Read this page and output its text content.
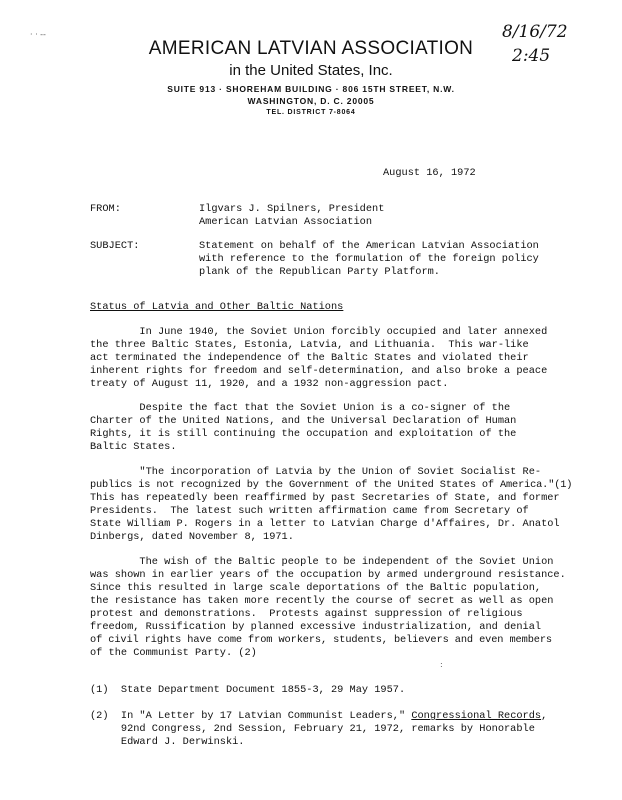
· · -‐	8/16/72
2:45
AMERICAN LATVIAN ASSOCIATION
in the United States, Inc.
SUITE 913 · SHOREHAM BUILDING · 806 15TH STREET, N.W.
WASHINGTON, D. C. 20005
TEL. DISTRICT 7-8064
August 16, 1972
FROM:	Ilgvars J. Spilners, President
American Latvian Association
SUBJECT:	Statement on behalf of the American Latvian Association
with reference to the formulation of the foreign policy
plank of the Republican Party Platform.
Status of Latvia and Other Baltic Nations
In June 1940, the Soviet Union forcibly occupied and later annexed
the three Baltic States, Estonia, Latvia, and Lithuania.  This war-like
act terminated the independence of the Baltic States and violated their
inherent rights for freedom and self-determination, and also broke a peace
treaty of August 11, 1920, and a 1932 non-aggression pact.
Despite the fact that the Soviet Union is a co-signer of the
Charter of the United Nations, and the Universal Declaration of Human
Rights, it is still continuing the occupation and exploitation of the
Baltic States.
"The incorporation of Latvia by the Union of Soviet Socialist Re-
publics is not recognized by the Government of the United States of America."(1)
This has repeatedly been reaffirmed by past Secretaries of State, and former
Presidents.  The latest such written affirmation came from Secretary of
State William P. Rogers in a letter to Latvian Charge d'Affaires, Dr. Anatol
Dinbergs, dated November 8, 1971.
The wish of the Baltic people to be independent of the Soviet Union
was shown in earlier years of the occupation by armed underground resistance.
Since this resulted in large scale deportations of the Baltic population,
the resistance has taken more recently the course of secret as well as open
protest and demonstrations.  Protests against suppression of religious
freedom, Russification by planned excessive industrialization, and denial
of civil rights have come from workers, students, believers and even members
of the Communist Party. (2)
:
(1)  State Department Document 1855-3, 29 May 1957.
(2)  In "A Letter by 17 Latvian Communist Leaders," Congressional Records,
92nd Congress, 2nd Session, February 21, 1972, remarks by Honorable
Edward J. Derwinski.
